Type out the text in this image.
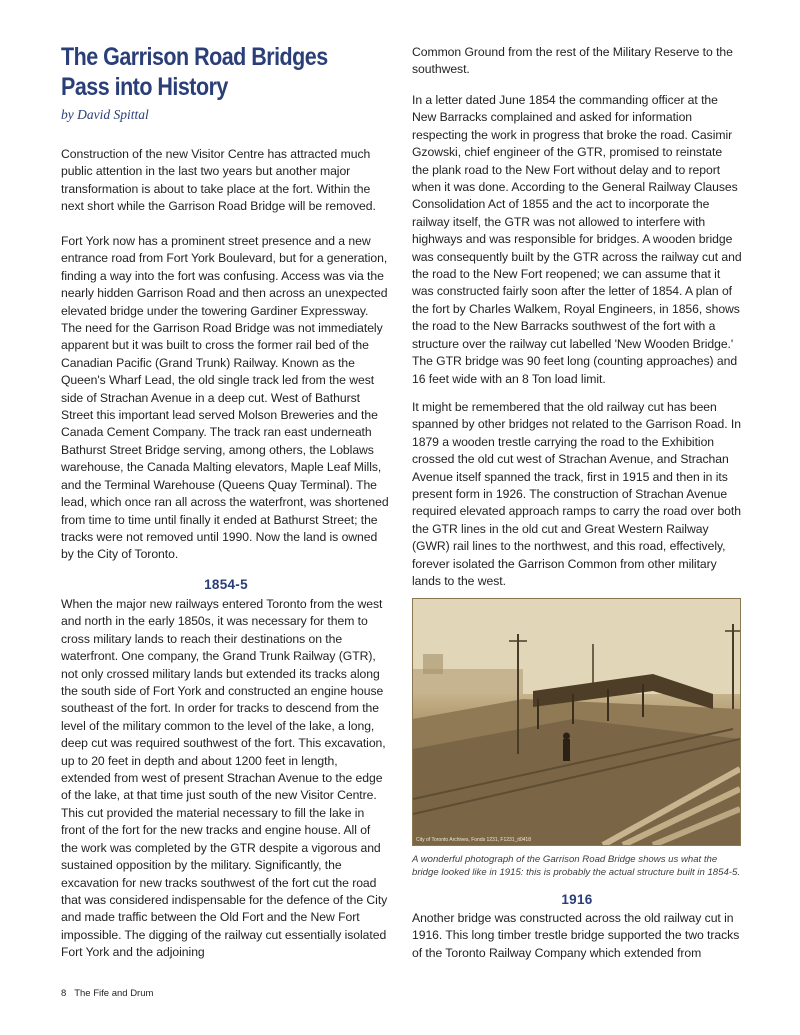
The Garrison Road Bridges
Pass into History

by David Spittal

Construction of the new Visitor Centre has attracted much public attention in the last two years but another major transformation is about to take place at the fort. Within the next short while the Garrison Road Bridge will be removed.

Fort York now has a prominent street presence and a new entrance road from Fort York Boulevard, but for a generation, finding a way into the fort was confusing. Access was via the nearly hidden Garrison Road and then across an unexpected elevated bridge under the towering Gardiner Expressway. The need for the Garrison Road Bridge was not immediately apparent but it was built to cross the former rail bed of the Canadian Pacific (Grand Trunk) Railway. Known as the Queen's Wharf Lead, the old single track led from the west side of Strachan Avenue in a deep cut. West of Bathurst Street this important lead served Molson Breweries and the Canada Cement Company. The track ran east underneath Bathurst Street Bridge serving, among others, the Loblaws warehouse, the Canada Malting elevators, Maple Leaf Mills, and the Terminal Warehouse (Queens Quay Terminal). The lead, which once ran all across the waterfront, was shortened from time to time until finally it ended at Bathurst Street; the tracks were not removed until 1990. Now the land is owned by the City of Toronto.

1854-5

When the major new railways entered Toronto from the west and north in the early 1850s, it was necessary for them to cross military lands to reach their destinations on the waterfront. One company, the Grand Trunk Railway (GTR), not only crossed military lands but extended its tracks along the south side of Fort York and constructed an engine house southeast of the fort. In order for tracks to descend from the level of the military common to the level of the lake, a long, deep cut was required southwest of the fort. This excavation, up to 20 feet in depth and about 1200 feet in length, extended from west of present Strachan Avenue to the edge of the lake, at that time just south of the new Visitor Centre. This cut provided the material necessary to fill the lake in front of the fort for the new tracks and engine house. All of the work was completed by the GTR despite a vigorous and sustained opposition by the military. Significantly, the excavation for new tracks southwest of the fort cut the road that was considered indispensable for the defence of the City and made traffic between the Old Fort and the New Fort impossible. The digging of the railway cut essentially isolated Fort York and the adjoining

Common Ground from the rest of the Military Reserve to the southwest.

In a letter dated June 1854 the commanding officer at the New Barracks complained and asked for information respecting the work in progress that broke the road. Casimir Gzowski, chief engineer of the GTR, promised to reinstate the plank road to the New Fort without delay and to report when it was done. According to the General Railway Clauses Consolidation Act of 1855 and the act to incorporate the railway itself, the GTR was not allowed to interfere with highways and was responsible for bridges. A wooden bridge was consequently built by the GTR across the railway cut and the road to the New Fort reopened; we can assume that it was constructed fairly soon after the letter of 1854. A plan of the fort by Charles Walkem, Royal Engineers, in 1856, shows the road to the New Barracks southwest of the fort with a structure over the railway cut labelled 'New Wooden Bridge.' The GTR bridge was 90 feet long (counting approaches) and 16 feet wide with an 8 Ton load limit.

It might be remembered that the old railway cut has been spanned by other bridges not related to the Garrison Road. In 1879 a wooden trestle carrying the road to the Exhibition crossed the old cut west of Strachan Avenue, and Strachan Avenue itself spanned the track, first in 1915 and then in its present form in 1926. The construction of Strachan Avenue required elevated approach ramps to carry the road over both the GTR lines in the old cut and Great Western Railway (GWR) rail lines to the northwest, and this road, effectively, forever isolated the Garrison Common from other military lands to the west.

City of Toronto Archives, Fonds 1231, F1231_it0418

A wonderful photograph of the Garrison Road Bridge shows us what the bridge looked like in 1915: this is probably the actual structure built in 1854-5.

1916

Another bridge was constructed across the old railway cut in 1916. This long timber trestle bridge supported the two tracks of the Toronto Railway Company which extended from

8 The Fife and Drum
